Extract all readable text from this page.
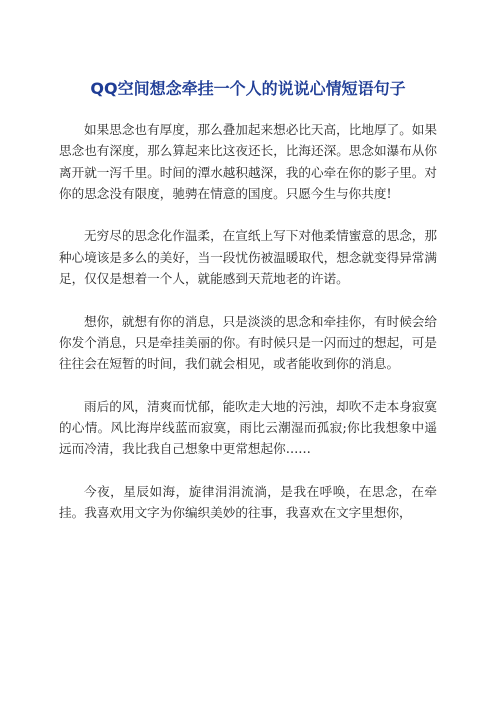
QQ空间想念牵挂一个人的说说心情短语句子

如果思念也有厚度，那么叠加起来想必比天高，比地厚了。如果思念也有深度，那么算起来比这夜还长，比海还深。思念如瀑布从你离开就一泻千里。时间的潭水越积越深，我的心牵在你的影子里。对你的思念没有限度，驰骋在情意的国度。只愿今生与你共度!

无穷尽的思念化作温柔，在宣纸上写下对他柔情蜜意的思念，那种心境该是多么的美好，当一段忧伤被温暖取代，想念就变得异常满足，仅仅是想着一个人，就能感到天荒地老的许诺。

想你，就想有你的消息，只是淡淡的思念和牵挂你，有时候会给你发个消息，只是牵挂美丽的你。有时候只是一闪而过的想起，可是往往会在短暂的时间，我们就会相见，或者能收到你的消息。

雨后的风，清爽而忧郁，能吹走大地的污浊，却吹不走本身寂寞的心情。风比海岸线蓝而寂寞，雨比云潮湿而孤寂;你比我想象中遥远而冷清，我比我自己想象中更常想起你……

今夜，星辰如海，旋律涓涓流淌，是我在呼唤，在思念，在牵挂。我喜欢用文字为你编织美妙的往事，我喜欢在文字里想你，
